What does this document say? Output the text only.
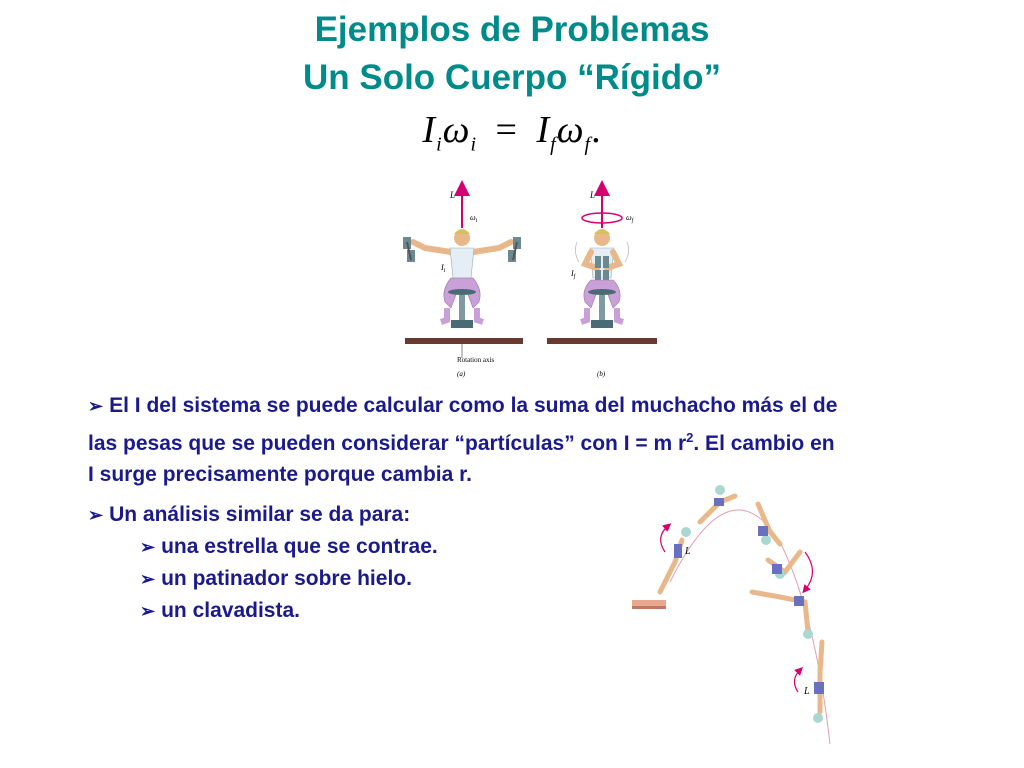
Ejemplos de Problemas
Un Solo Cuerpo “Rígido”
$I_i\omega_i = I_f\omega_f$.
L
$\omega_i$
$I_i$
Rotation axis
(a)
L
$\omega_f$
$I_f$
(b)
➢ El I del sistema se puede calcular como la suma del muchacho más el de
las pesas que se pueden considerar “partículas” con I = m $r^2$. El cambio en
I surge precisamente porque cambia r.
➢ Un análisis similar se da para:
➢ una estrella que se contrae.
➢ un patinador sobre hielo.
➢ un clavadista.
L
L
